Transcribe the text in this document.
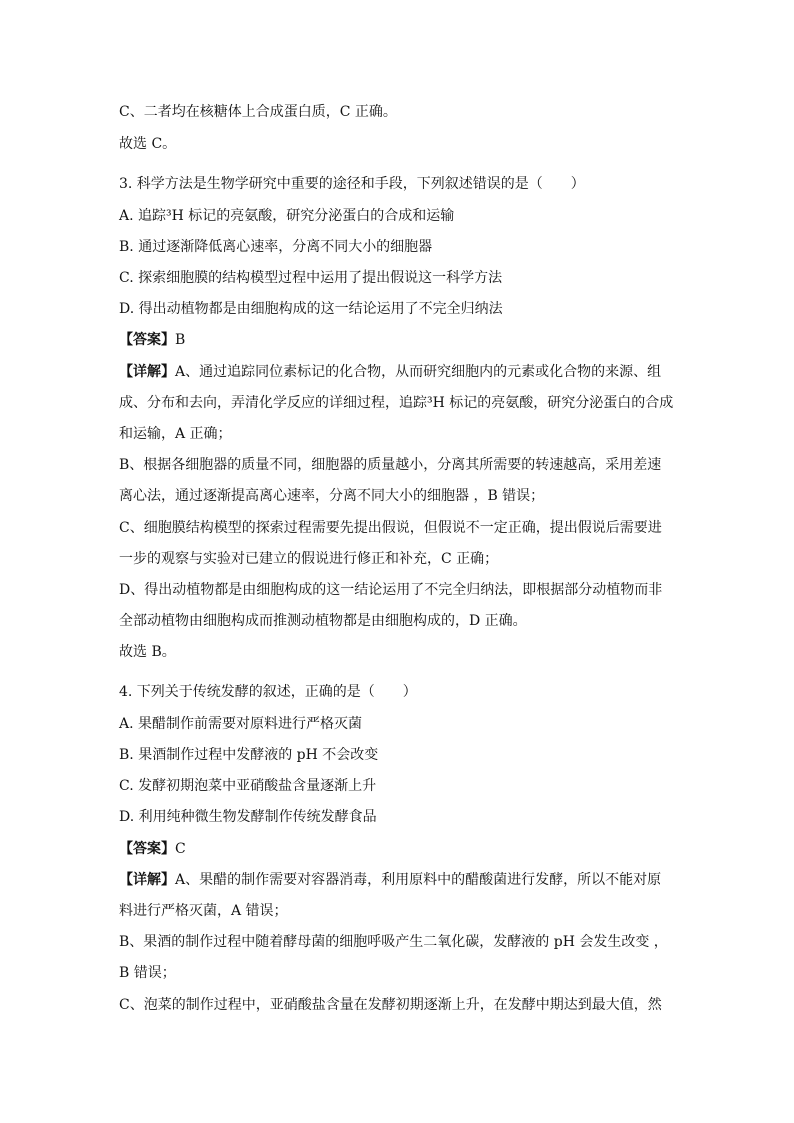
C、二者均在核糖体上合成蛋白质，C 正确。
故选 C。
3. 科学方法是生物学研究中重要的途径和手段，下列叙述错误的是（　　）
A. 追踪³H 标记的亮氨酸，研究分泌蛋白的合成和运输
B. 通过逐渐降低离心速率，分离不同大小的细胞器
C. 探索细胞膜的结构模型过程中运用了提出假说这一科学方法
D. 得出动植物都是由细胞构成的这一结论运用了不完全归纳法
【答案】B
【详解】A、通过追踪同位素标记的化合物，从而研究细胞内的元素或化合物的来源、组
成、分布和去向，弄清化学反应的详细过程，追踪³H 标记的亮氨酸，研究分泌蛋白的合成
和运输，A 正确；
B、根据各细胞器的质量不同，细胞器的质量越小，分离其所需要的转速越高，采用差速
离心法，通过逐渐提高离心速率，分离不同大小的细胞器 ，B 错误；
C、细胞膜结构模型的探索过程需要先提出假说，但假说不一定正确，提出假说后需要进
一步的观察与实验对已建立的假说进行修正和补充，C 正确；
D、得出动植物都是由细胞构成的这一结论运用了不完全归纳法，即根据部分动植物而非
全部动植物由细胞构成而推测动植物都是由细胞构成的，D 正确。
故选 B。
4. 下列关于传统发酵的叙述，正确的是（　　）
A. 果醋制作前需要对原料进行严格灭菌
B. 果酒制作过程中发酵液的 pH 不会改变
C. 发酵初期泡菜中亚硝酸盐含量逐渐上升
D. 利用纯种微生物发酵制作传统发酵食品
【答案】C
【详解】A、果醋的制作需要对容器消毒，利用原料中的醋酸菌进行发酵，所以不能对原
料进行严格灭菌，A 错误；
B、果酒的制作过程中随着酵母菌的细胞呼吸产生二氧化碳，发酵液的 pH 会发生改变 ，
B 错误；
C、泡菜的制作过程中，亚硝酸盐含量在发酵初期逐渐上升，在发酵中期达到最大值，然
